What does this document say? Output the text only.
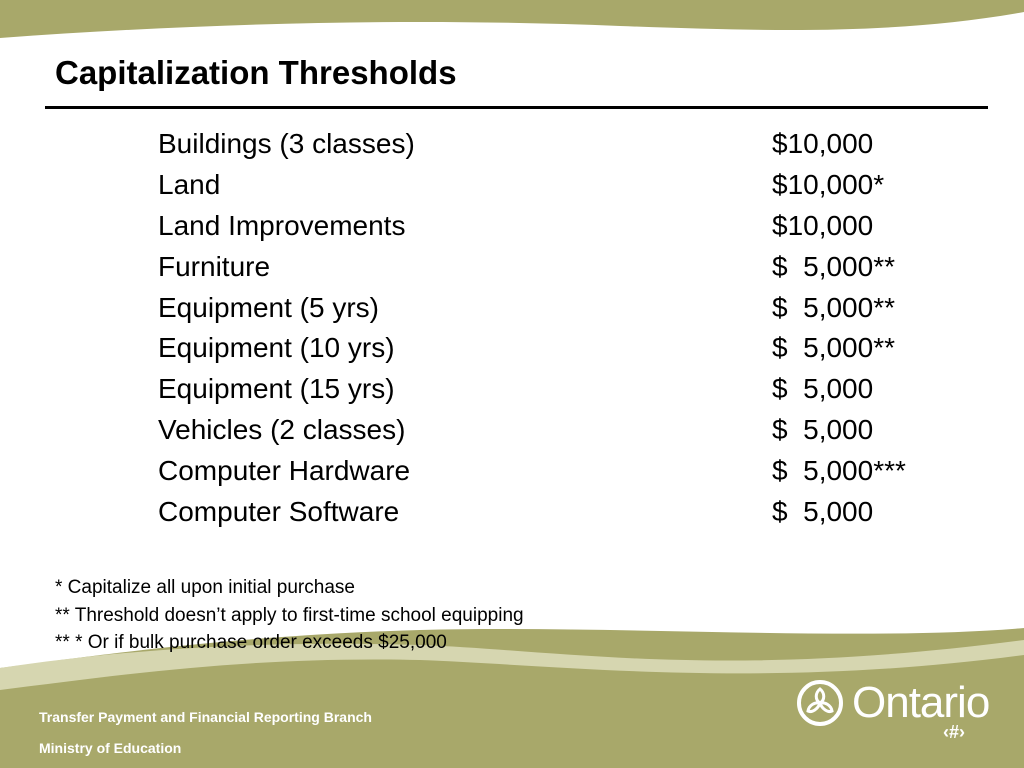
Capitalization Thresholds
Buildings (3 classes)	$10,000
Land	$10,000*
Land Improvements	$10,000
Furniture	$  5,000**
Equipment (5 yrs)	$  5,000**
Equipment (10 yrs)	$  5,000**
Equipment (15 yrs)	$  5,000
Vehicles (2 classes)	$  5,000
Computer Hardware	$  5,000***
Computer Software	$  5,000
* Capitalize all upon initial purchase
** Threshold doesn’t apply to first-time school equipping
** * Or if bulk purchase order exceeds $25,000
Transfer Payment and Financial Reporting Branch
Ministry of Education
Ontario
‹#›
